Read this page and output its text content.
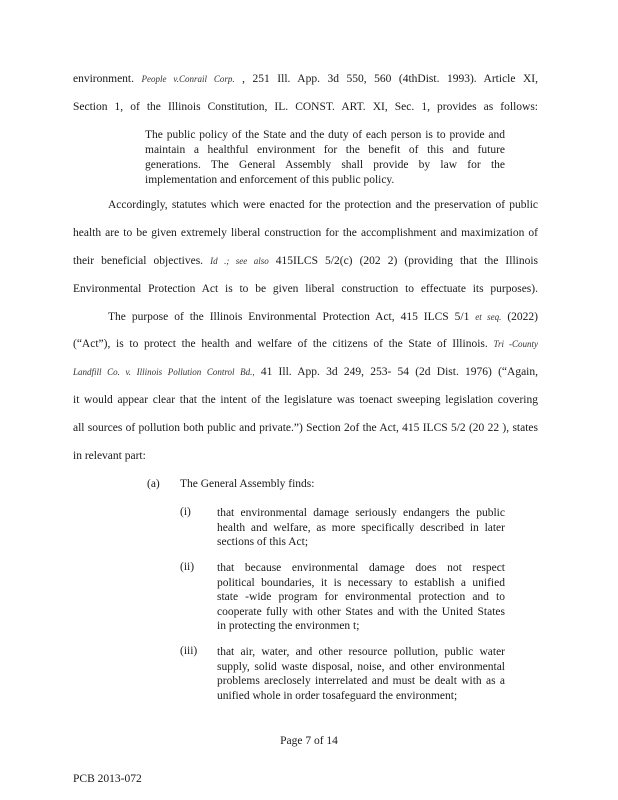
environment. People v.Conrail Corp. , 251 Ill. App. 3d 550, 560 (4thDist. 1993). Article XI,
Section 1, of the Illinois Constitution, IL. CONST. ART. XI, Sec. 1, provides as follows:
The public policy of the State and the duty of each person is to provide and
maintain a healthful environment for the benefit of this and future
generations. The General Assembly shall provide by law for the
implementation and enforcement of this public policy.
Accordingly, statutes which were enacted for the protection and the preservation of public
health are to be given extremely liberal construction for the accomplishment and maximization of
their beneficial objectives. Id .; see also 415ILCS 5/2(c) (202 2) (providing that the Illinois
Environmental Protection Act is to be given liberal construction to effectuate its purposes).
The purpose of the Illinois Environmental Protection Act, 415 ILCS 5/1 et seq. (2022)
(“Act”), is to protect the health and welfare of the citizens of the State of Illinois. Tri -County
Landfill Co. v. Illinois Pollution Control Bd., 41 Ill. App. 3d 249, 253- 54 (2d Dist. 1976) (“Again,
it would appear clear that the intent of the legislature was toenact sweeping legislation covering
all sources of pollution both public and private.”) Section 2of the Act, 415 ILCS 5/2 (20 22 ), states
in relevant part:
(a) The General Assembly finds:
(i) that environmental damage seriously endangers the public
health and welfare, as more specifically described in later
sections of this Act;
(ii) that because environmental damage does not respect
political boundaries, it is necessary to establish a unified
state -wide program for environmental protection and to
cooperate fully with other States and with the United States
in protecting the environmen t;
(iii) that air, water, and other resource pollution, public water
supply, solid waste disposal, noise, and other environmental
problems areclosely interrelated and must be dealt with as a
unified whole in order tosafeguard the environment;
Page 7 of 14
PCB 2013-072
